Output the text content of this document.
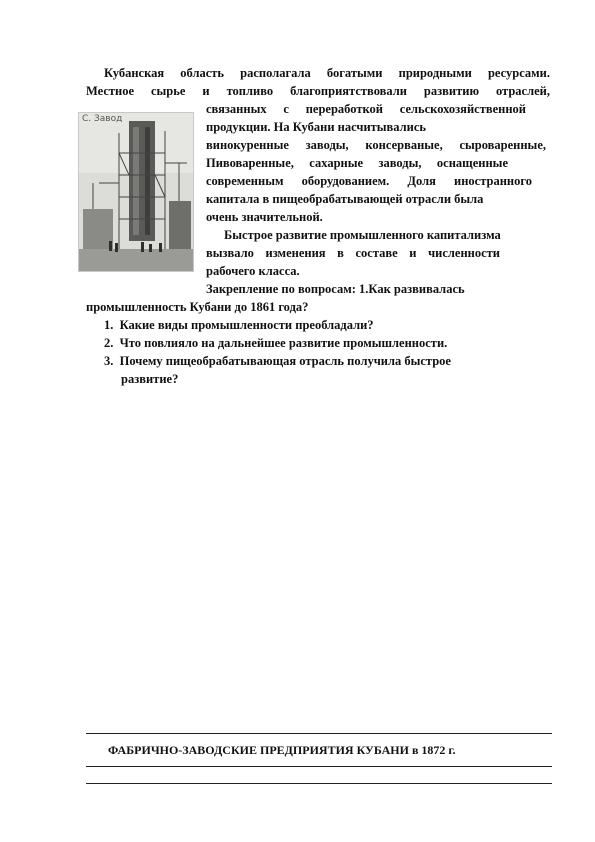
Кубанская область располагала богатыми природными ресурсами.
Местное сырье и топливо благоприятствовали развитию отраслей,
С. Завод
связанных с переработкой сельскохозяйственной
продукции. На Кубани насчитывались
винокуренные заводы, консерваные, сыроваренные,
Пивоваренные, сахарные заводы, оснащенные
современным оборудованием. Доля иностранного
капитала в пищеобрабатывающей отрасли была
очень значительной.
Быстрое развитие промышленного капитализма
вызвало изменения в составе и численности
рабочего класса.
Закрепление по вопросам: 1.Как развивалась
промышленность Кубани до 1861 года?
1. Какие виды промышленности преобладали?
2. Что повлияло на дальнейшее развитие промышленности.
3. Почему пищеобрабатывающая отрасль получила быстрое
развитие?
ФАБРИЧНО-ЗАВОДСКИЕ ПРЕДПРИЯТИЯ КУБАНИ в 1872 г.
